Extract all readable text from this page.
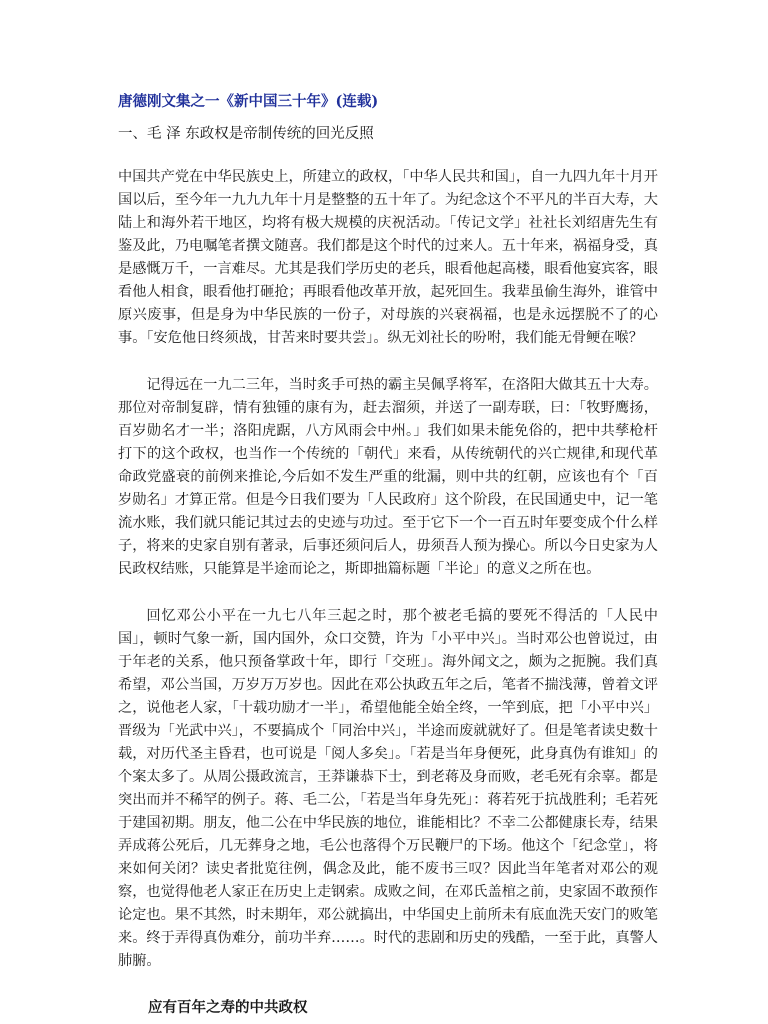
唐德刚文集之一《新中国三十年》(连载)
一、毛 泽 东政权是帝制传统的回光反照

中国共产党在中华民族史上，所建立的政权，「中华人民共和国」，自一九四九年十月开国以后，至今年一九九九年十月是整整的五十年了。为纪念这个不平凡的半百大寿，大陆上和海外若干地区，均将有极大规模的庆祝活动。「传记文学」社社长刘绍唐先生有鉴及此，乃电嘱笔者撰文随喜。我们都是这个时代的过来人。五十年来，祸福身受，真是感慨万千，一言难尽。尤其是我们学历史的老兵，眼看他起高楼，眼看他宴宾客，眼看他人相食，眼看他打砸抢；再眼看他改革开放，起死回生。我辈虽偷生海外，谁管中原兴废事，但是身为中华民族的一份子，对母族的兴衰祸福，也是永远摆脱不了的心事。「安危他日终须战，甘苦来时要共尝」。纵无刘社长的吩咐，我们能无骨鲠在喉？

记得远在一九二三年，当时炙手可热的霸主吴佩孚将军，在洛阳大做其五十大寿。那位对帝制复辟，情有独锺的康有为，赶去溜须，并送了一副寿联，曰：「牧野鹰扬，百岁勋名才一半；洛阳虎踞，八方风雨会中州。」我们如果未能免俗的，把中共孳枪杆打下的这个政权，也当作一个传统的「朝代」来看，从传统朝代的兴亡规律,和现代革命政党盛衰的前例来推论,今后如不发生严重的纰漏，则中共的红朝，应该也有个「百岁勋名」才算正常。但是今日我们要为「人民政府」这个阶段，在民国通史中，记一笔流水账，我们就只能记其过去的史迹与功过。至于它下一个一百五时年要变成个什么样子，将来的史家自别有著录，后事还须问后人，毋须吾人预为操心。所以今日史家为人民政权结账，只能算是半途而论之，斯即拙篇标题「半论」的意义之所在也。

回忆邓公小平在一九七八年三起之时，那个被老毛搞的要死不得活的「人民中国」，顿时气象一新，国内国外，众口交赞，许为「小平中兴」。当时邓公也曾说过，由于年老的关系，他只预备掌政十年，即行「交班」。海外闻文之，颇为之扼腕。我们真希望，邓公当国，万岁万万岁也。因此在邓公执政五年之后，笔者不揣浅薄，曾着文评之，说他老人家，「十载功励才一半」，希望他能全始全终，一竿到底，把「小平中兴」晋级为「光武中兴」，不要搞成个「同治中兴」，半途而废就就好了。但是笔者读史数十载，对历代圣主昏君，也可说是「阅人多矣」。「若是当年身便死，此身真伪有谁知」的个案太多了。从周公摄政流言，王莽谦恭下士，到老蒋及身而败，老毛死有余辜。都是突出而并不稀罕的例子。蒋、毛二公，「若是当年身先死」：蒋若死于抗战胜利；毛若死于建国初期。朋友，他二公在中华民族的地位，谁能相比？不幸二公都健康长寿，结果弄成蒋公死后，几无葬身之地，毛公也落得个万民鞭尸的下场。他这个「纪念堂」，将来如何关闭？读史者批览往例，偶念及此，能不废书三叹？因此当年笔者对邓公的观察，也觉得他老人家正在历史上走钢索。成败之间，在邓氏盖棺之前，史家固不敢预作论定也。果不其然，时未期年，邓公就搞出，中华国史上前所未有底血洗天安门的败笔来。终于弄得真伪难分，前功半弃……。时代的悲剧和历史的残酷，一至于此，真警人肺腑。

应有百年之寿的中共政权
